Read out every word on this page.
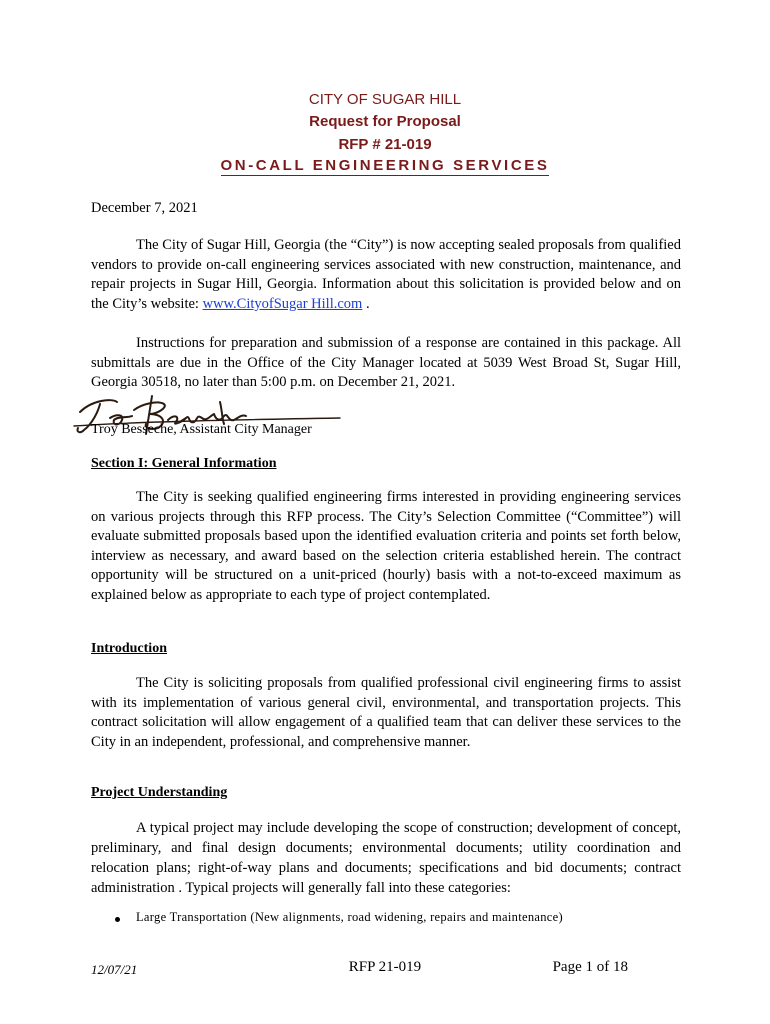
CITY OF SUGAR HILL
Request for Proposal
RFP # 21-019
ON-CALL ENGINEERING SERVICES
December 7, 2021
The City of Sugar Hill, Georgia (the “City”) is now accepting sealed proposals from qualified vendors to provide on-call engineering services associated with new construction, maintenance, and repair projects in Sugar Hill, Georgia. Information about this solicitation is provided below and on the City’s website: www.CityofSugar Hill.com .
Instructions for preparation and submission of a response are contained in this package. All submittals are due in the Office of the City Manager located at 5039 West Broad St, Sugar Hill, Georgia 30518, no later than 5:00 p.m. on December 21, 2021.
Troy Besseche, Assistant City Manager
Section I: General Information
The City is seeking qualified engineering firms interested in providing engineering services on various projects through this RFP process. The City’s Selection Committee (“Committee”) will evaluate submitted proposals based upon the identified evaluation criteria and points set forth below, interview as necessary, and award based on the selection criteria established herein. The contract opportunity will be structured on a unit-priced (hourly) basis with a not-to-exceed maximum as explained below as appropriate to each type of project contemplated.
Introduction
The City is soliciting proposals from qualified professional civil engineering firms to assist with its implementation of various general civil, environmental, and transportation projects. This contract solicitation will allow engagement of a qualified team that can deliver these services to the City in an independent, professional, and comprehensive manner.
Project Understanding
A typical project may include developing the scope of construction; development of concept, preliminary, and final design documents; environmental documents; utility coordination and relocation plans; right-of-way plans and documents; specifications and bid documents; contract administration . Typical projects will generally fall into these categories:
Large Transportation (New alignments, road widening, repairs and maintenance)
12/07/21	RFP 21-019	Page 1 of 18
